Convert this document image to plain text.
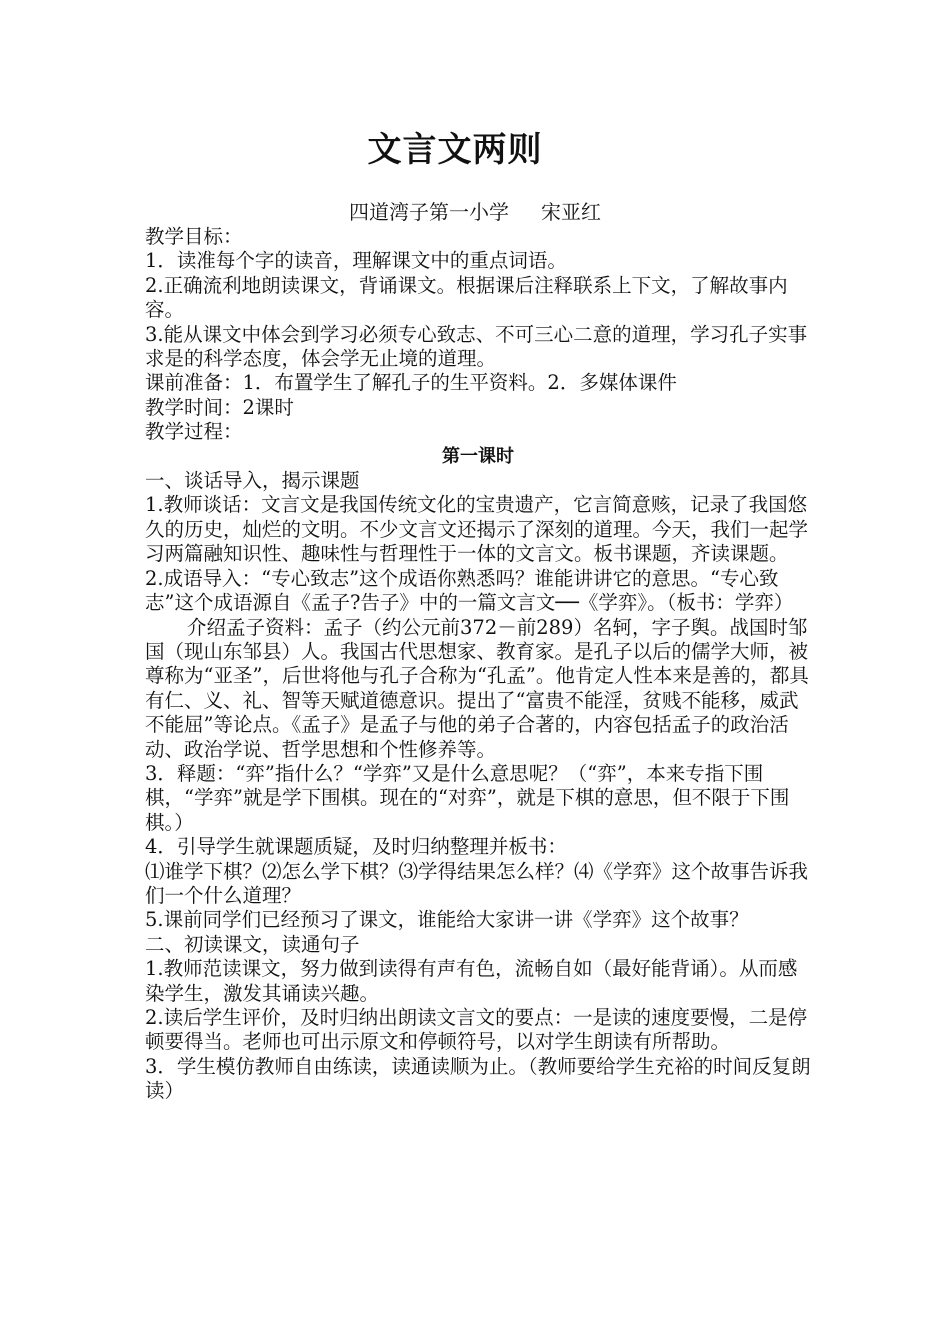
文言文两则
四道湾子第一小学 宋亚红

教学目标：

1．读准每个字的读音，理解课文中的重点词语。

2.正确流利地朗读课文，背诵课文。根据课后注释联系上下文，了解故事内容。

3.能从课文中体会到学习必须专心致志、不可三心二意的道理，学习孔子实事求是的科学态度，体会学无止境的道理。

课前准备：1．布置学生了解孔子的生平资料。2．多媒体课件

教学时间：2课时

教学过程：

第一课时

一、谈话导入，揭示课题

1.教师谈话：文言文是我国传统文化的宝贵遗产，它言简意赅，记录了我国悠久的历史，灿烂的文明。不少文言文还揭示了深刻的道理。今天，我们一起学习两篇融知识性、趣味性与哲理性于一体的文言文。板书课题，齐读课题。

2.成语导入：“专心致志”这个成语你熟悉吗？谁能讲讲它的意思。“专心致志”这个成语源自《孟子?告子》中的一篇文言文──《学弈》。（板书：学弈）

介绍孟子资料：孟子（约公元前372－前289）名轲，字子舆。战国时邹国（现山东邹县）人。我国古代思想家、教育家。是孔子以后的儒学大师，被尊称为“亚圣”，后世将他与孔子合称为“孔孟”。他肯定人性本来是善的，都具有仁、义、礼、智等天赋道德意识。提出了“富贵不能淫，贫贱不能移，威武不能屈”等论点。《孟子》是孟子与他的弟子合著的，内容包括孟子的政治活动、政治学说、哲学思想和个性修养等。

3．释题：“弈”指什么？“学弈”又是什么意思呢？（“弈”，本来专指下围棋，“学弈”就是学下围棋。现在的“对弈”，就是下棋的意思，但不限于下围棋。）

4．引导学生就课题质疑，及时归纳整理并板书：

⑴谁学下棋？⑵怎么学下棋？⑶学得结果怎么样？⑷《学弈》这个故事告诉我们一个什么道理？

5.课前同学们已经预习了课文，谁能给大家讲一讲《学弈》这个故事？

二、初读课文，读通句子

1.教师范读课文，努力做到读得有声有色，流畅自如（最好能背诵）。从而感染学生，激发其诵读兴趣。

2.读后学生评价，及时归纳出朗读文言文的要点：一是读的速度要慢，二是停顿要得当。老师也可出示原文和停顿符号，以对学生朗读有所帮助。

3．学生模仿教师自由练读，读通读顺为止。（教师要给学生充裕的时间反复朗读）
